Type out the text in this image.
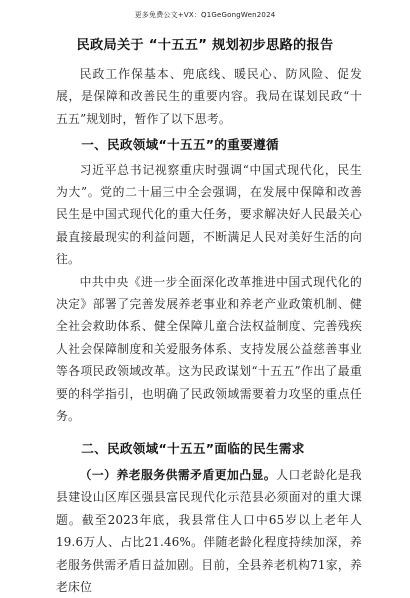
更多免费公文+VX：Q1GeGongWen2024
民政局关于 “十五五” 规划初步思路的报告

民政工作保基本、兜底线、暖民心、防风险、促发展，是保障和改善民生的重要内容。我局在谋划民政“十五五”规划时，暂作了以下思考。

一、民政领域“十五五”的重要遵循

习近平总书记视察重庆时强调“中国式现代化，民生为大”。党的二十届三中全会强调，在发展中保障和改善民生是中国式现代化的重大任务，要求解决好人民最关心最直接最现实的利益问题，不断满足人民对美好生活的向往。

中共中央《进一步全面深化改革推进中国式现代化的决定》部署了完善发展养老事业和养老产业政策机制、健全社会救助体系、健全保障儿童合法权益制度、完善残疾人社会保障制度和关爱服务体系、支持发展公益慈善事业等各项民政领域改革。这为民政谋划“十五五”作出了最重要的科学指引，也明确了民政领域需要着力攻坚的重点任务。

二、民政领域“十五五”面临的民生需求

（一）养老服务供需矛盾更加凸显。人口老龄化是我县建设山区库区强县富民现代化示范县必须面对的重大课题。截至2023年底，我县常住人口中65岁以上老年人19.6万人、占比21.46%。伴随老龄化程度持续加深，养老服务供需矛盾日益加剧。目前，全县养老机构71家，养老床位
